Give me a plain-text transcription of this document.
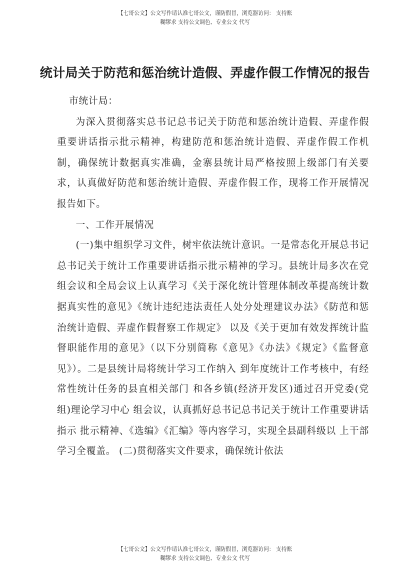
【七哥公文】公文写作请认准七哥公文，谨防假冒，浏览器访问： 支持账
糊缪求 支持公文调色、专业公文 代写
统计局关于防范和惩治统计造假、弄虚作假工作情况的报告

市统计局：

为深入贯彻落实总书记总书记关于防范和惩治统计造假、弄虚作假重要讲话指示批示精神，构建防范和惩治统计造假、弄虚作假工作机制，确保统计数据真实准确，金寨县统计局严格按照上级部门有关要求，认真做好防范和惩治统计造假、弄虚作假工作，现将工作开展情况报告如下。

一、工作开展情况

(一)集中组织学习文件，树牢依法统计意识。一是常态化开展总书记总书记关于统计工作重要讲话指示批示精神的学习。县统计局多次在党组会议和全局会议上认真学习《关于深化统计管理体制改革提高统计数据真实性的意见》《统计违纪违法责任人处分处理建议办法》《防范和惩治统计造假、弄虚作假督察工作规定》 以及《关于更加有效发挥统计监督职能作用的意见》（以下分别简称《意见》《办法》《规定》《监督意见》）。二是县统计局将统计学习工作纳入 到年度统计工作考核中，有经常性统计任务的县直相关部门 和各乡镇(经济开发区)通过召开党委(党组)理论学习中心 组会议，认真抓好总书记总书记关于统计工作重要讲话指示 批示精神、《选编》《汇编》等内容学习，实现全县副科级以 上干部学习全覆盖。 (二)贯彻落实文件要求，确保统计依法

【七哥公文】公文写作请认准七哥公文，谨防假冒，浏览器访问： 支持账
糊缪求 支持公文调色、专业公文 代写
